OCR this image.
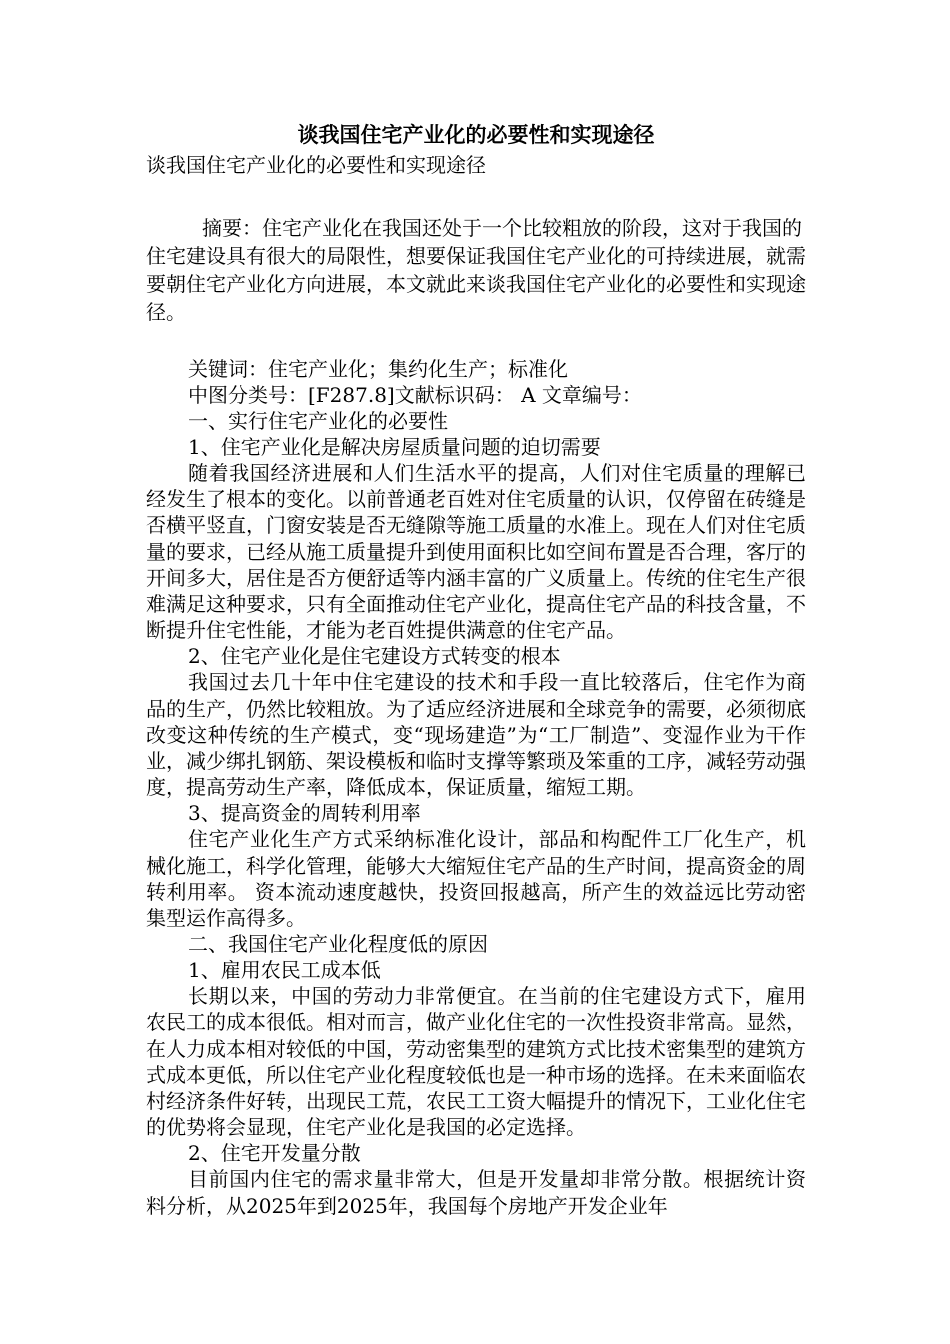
谈我国住宅产业化的必要性和实现途径

谈我国住宅产业化的必要性和实现途径

摘要：住宅产业化在我国还处于一个比较粗放的阶段，这对于我国的住宅建设具有很大的局限性，想要保证我国住宅产业化的可持续进展，就需要朝住宅产业化方向进展，本文就此来谈我国住宅产业化的必要性和实现途径。

关键词：住宅产业化；集约化生产；标准化

中图分类号：[F287.8]文献标识码： A 文章编号：

一、实行住宅产业化的必要性

1、住宅产业化是解决房屋质量问题的迫切需要

随着我国经济进展和人们生活水平的提高，人们对住宅质量的理解已经发生了根本的变化。以前普通老百姓对住宅质量的认识，仅停留在砖缝是否横平竖直，门窗安装是否无缝隙等施工质量的水准上。现在人们对住宅质量的要求，已经从施工质量提升到使用面积比如空间布置是否合理，客厅的开间多大，居住是否方便舒适等内涵丰富的广义质量上。传统的住宅生产很难满足这种要求，只有全面推动住宅产业化，提高住宅产品的科技含量，不断提升住宅性能，才能为老百姓提供满意的住宅产品。

2、住宅产业化是住宅建设方式转变的根本

我国过去几十年中住宅建设的技术和手段一直比较落后，住宅作为商品的生产，仍然比较粗放。为了适应经济进展和全球竞争的需要，必须彻底改变这种传统的生产模式，变“现场建造”为“工厂制造”、变湿作业为干作业，减少绑扎钢筋、架设模板和临时支撑等繁琐及笨重的工序，减轻劳动强度，提高劳动生产率，降低成本，保证质量，缩短工期。

3、提高资金的周转利用率

住宅产业化生产方式采纳标准化设计，部品和构配件工厂化生产，机械化施工，科学化管理，能够大大缩短住宅产品的生产时间，提高资金的周转利用率。 资本流动速度越快，投资回报越高，所产生的效益远比劳动密集型运作高得多。

二、我国住宅产业化程度低的原因

1、雇用农民工成本低

长期以来，中国的劳动力非常便宜。在当前的住宅建设方式下，雇用农民工的成本很低。相对而言，做产业化住宅的一次性投资非常高。显然，在人力成本相对较低的中国，劳动密集型的建筑方式比技术密集型的建筑方式成本更低，所以住宅产业化程度较低也是一种市场的选择。在未来面临农村经济条件好转，出现民工荒，农民工工资大幅提升的情况下，工业化住宅的优势将会显现，住宅产业化是我国的必定选择。

2、住宅开发量分散

目前国内住宅的需求量非常大，但是开发量却非常分散。根据统计资料分析，从2025年到2025年，我国每个房地产开发企业年
